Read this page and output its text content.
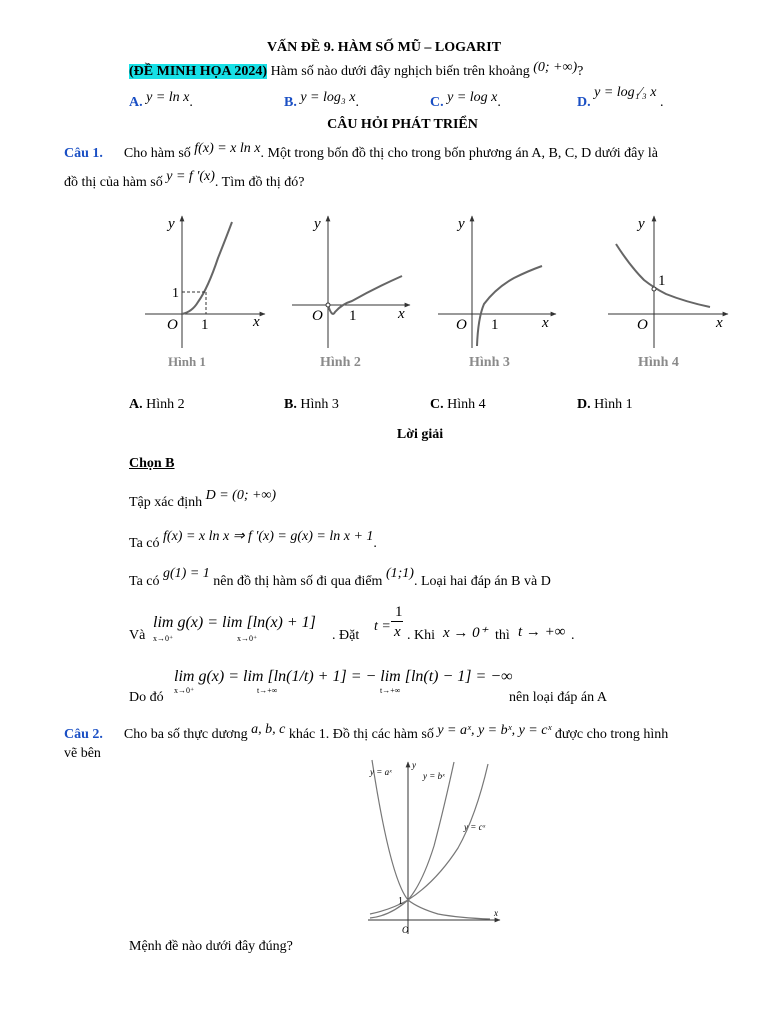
VẤN ĐỀ 9. HÀM SỐ MŨ – LOGARIT
(ĐỀ MINH HỌA 2024) Hàm số nào dưới đây nghịch biến trên khoảng (0; +∞)?
A. y = ln x.	B. y = log₃ x.	C. y = log x.	D. y = log₁⁄₃ x .
CÂU HỎI PHÁT TRIỂN
Câu 1. Cho hàm số f(x) = x ln x. Một trong bốn đồ thị cho trong bốn phương án A, B, C, D dưới đây là
đồ thị của hàm số y = f ′(x). Tìm đồ thị đó?
y
x
O 1
1
Hình 1
y
x
O 1
Hình 2
y
x
O 1
Hình 3
y
x
O
1
Hình 4
A. Hình 2	B. Hình 3	C. Hình 4	D. Hình 1
Lời giải
Chọn B
Tập xác định D = (0; +∞)
Ta có f(x) = x ln x ⇒ f ′(x) = g(x) = ln x + 1.
Ta có g(1) = 1 nên đồ thị hàm số đi qua điểm (1;1). Loại hai đáp án B và D
Và
lim g(x) = lim [ln(x) + 1]
x→0⁺	x→0⁺	. Đặt
t =
1
x . Khi x → 0⁺ thì t → +∞ .
Do đó
lim g(x) = lim [ln(1/t) + 1] = − lim [ln(t) − 1] = −∞
x→0⁺	t→+∞	t→+∞	nên loại đáp án A
Câu 2. Cho ba số thực dương a, b, c khác 1. Đồ thị các hàm số y = aˣ, y = bˣ, y = cˣ được cho trong hình
vẽ bên
y = aˣ	y = bˣ
y = cˣ
y
x
O
1
Mệnh đề nào dưới đây đúng?
